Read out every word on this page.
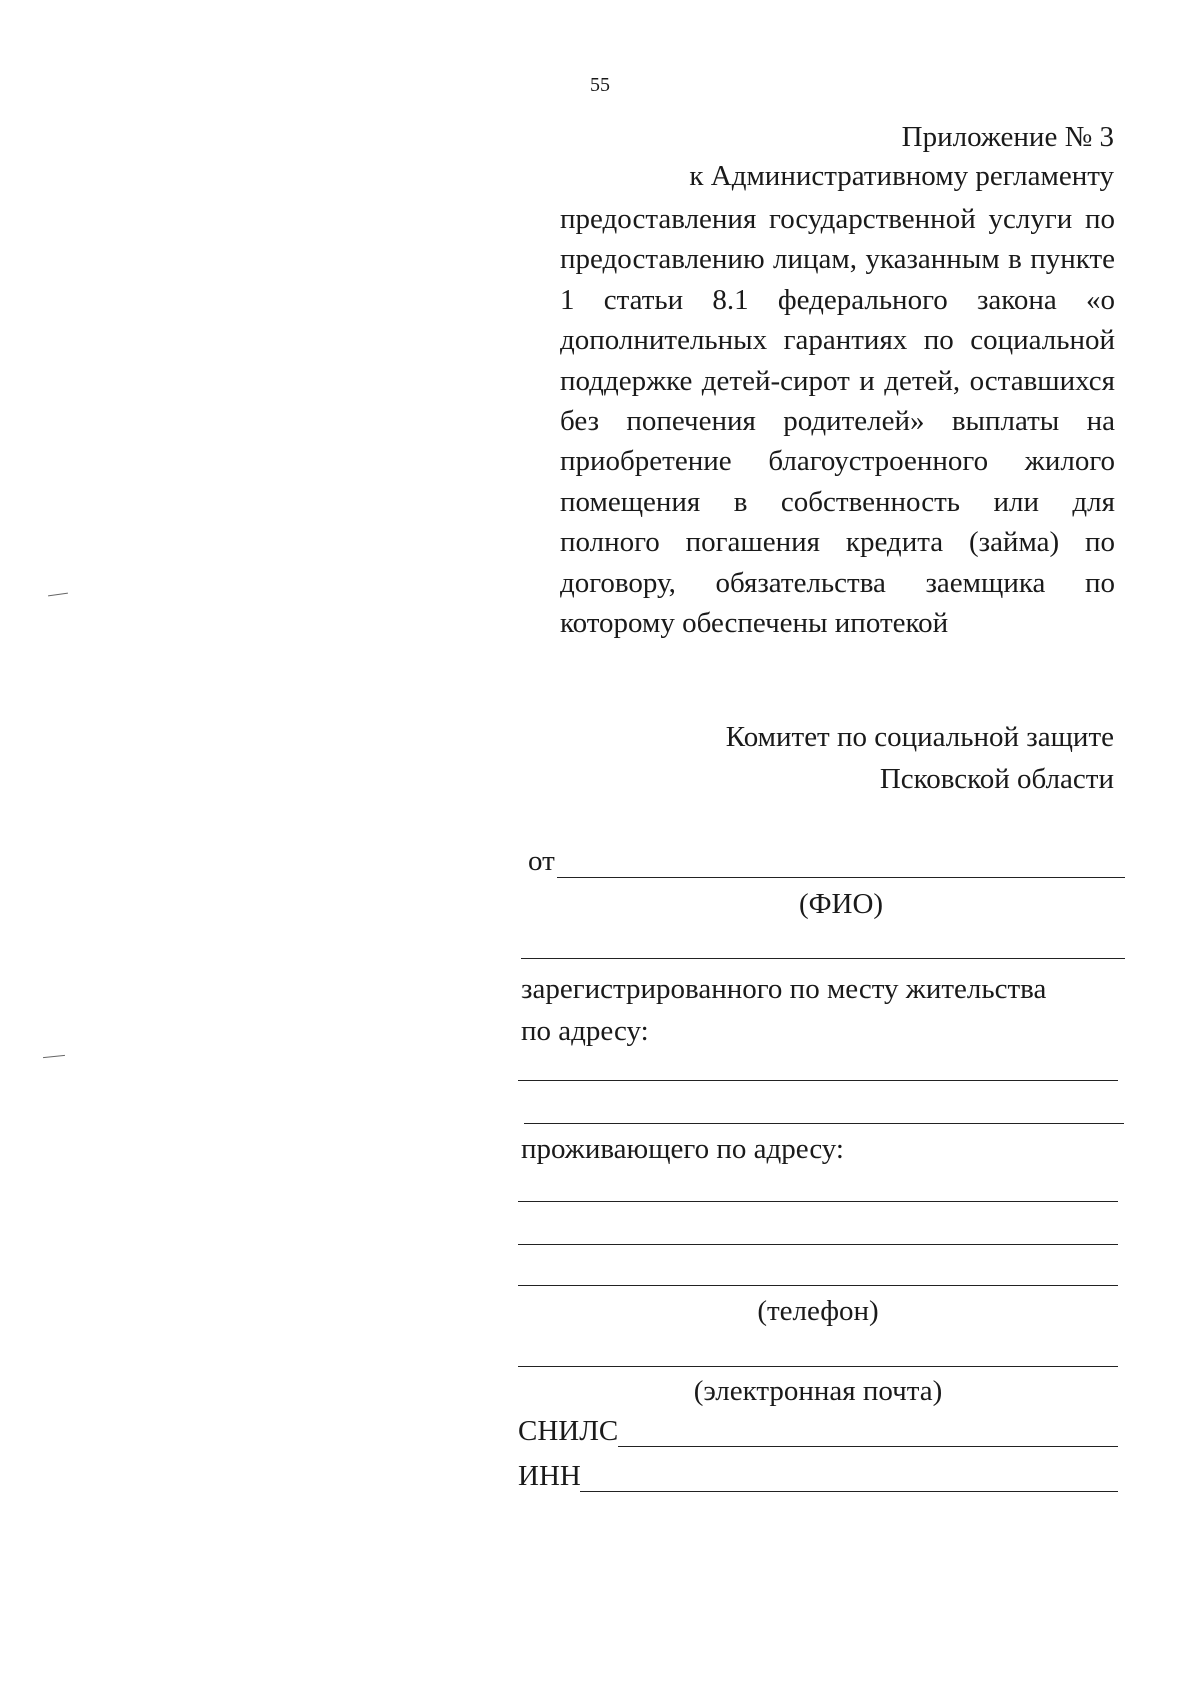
55
Приложение № 3
к Административному регламенту
предоставления государственной услуги по предоставлению лицам, указанным в пункте 1 статьи 8.1 федерального закона «о дополнительных гарантиях по социальной поддержке детей-сирот и детей, оставшихся без попечения родителей» выплаты на приобретение благоустроенного жилого помещения в собственность или для полного погашения кредита (займа) по договору, обязательства заемщика по которому обеспечены ипотекой
Комитет по социальной защите
Псковской области
от
(ФИО)
зарегистрированного по месту жительства по адресу:
проживающего по адресу:
(телефон)
(электронная почта)
СНИЛС
ИНН
